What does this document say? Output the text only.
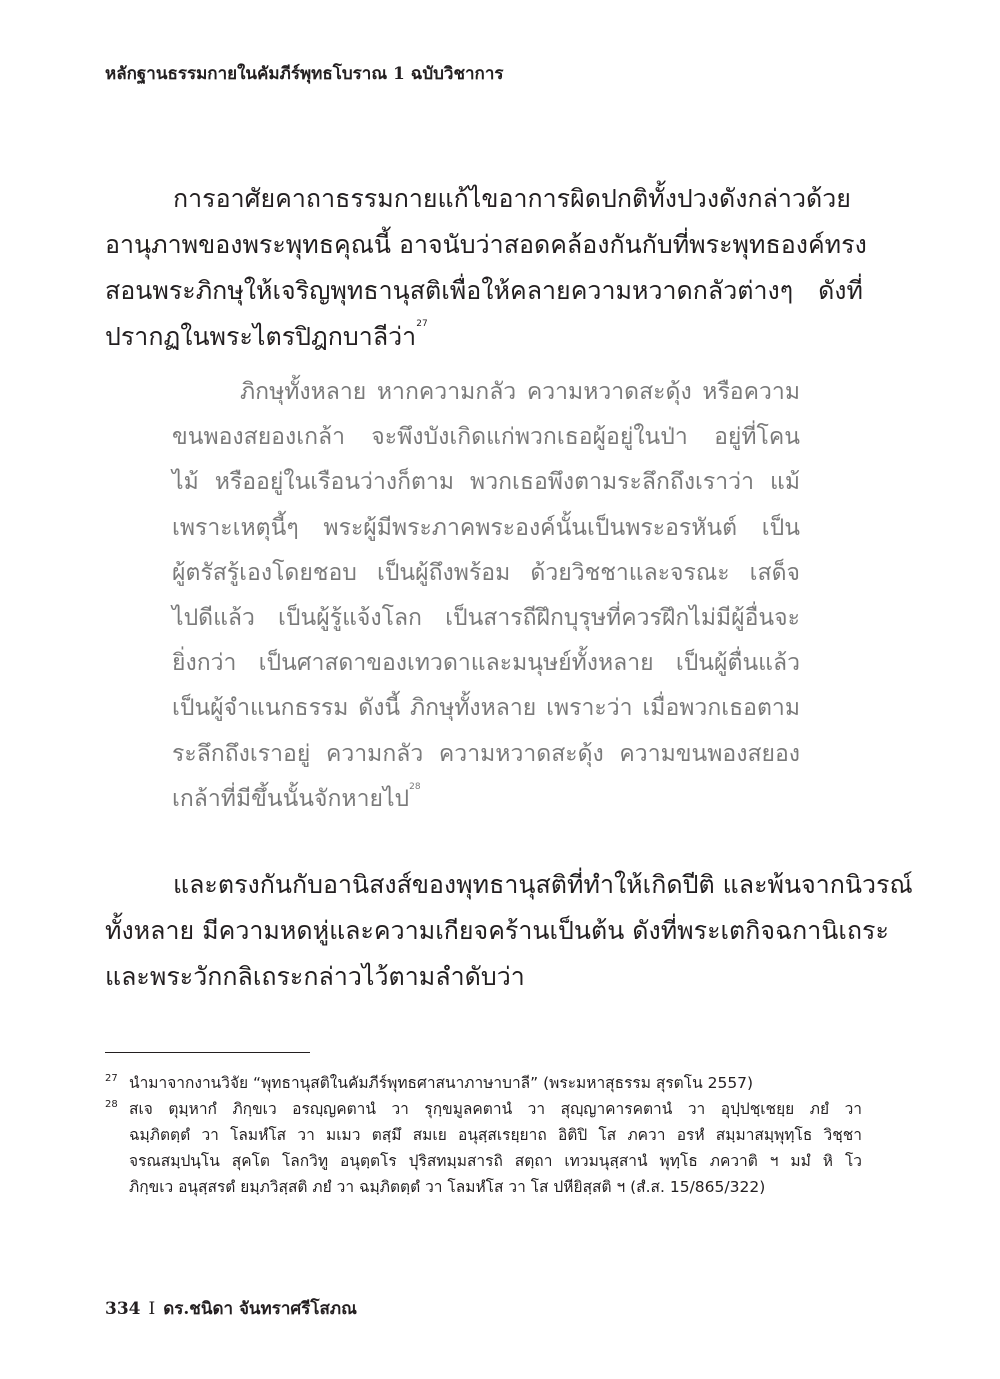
หลักฐานธรรมกายในคัมภีร์พุทธโบราณ 1 ฉบับวิชาการ
การอาศัยคาถาธรรมกายแก้ไขอาการผิดปกติทั้งปวงดังกล่าวด้วย
อานุภาพของพระพุทธคุณนี้ อาจนับว่าสอดคล้องกันกับที่พระพุทธองค์ทรง
สอนพระภิกษุให้เจริญพุทธานุสติเพื่อให้คลายความหวาดกลัวต่างๆ ดังที่
ปรากฏในพระไตรปิฎกบาลีว่า$^{27}$
ภิกษุทั้งหลาย หากความกลัว ความหวาดสะดุ้ง หรือความ
ขนพองสยองเกล้า จะพึงบังเกิดแก่พวกเธอผู้อยู่ในป่า อยู่ที่โคน
ไม้ หรืออยู่ในเรือนว่างก็ตาม พวกเธอพึงตามระลึกถึงเราว่า แม้
เพราะเหตุนี้ๆ พระผู้มีพระภาคพระองค์นั้นเป็นพระอรหันต์ เป็น
ผู้ตรัสรู้เองโดยชอบ เป็นผู้ถึงพร้อม ด้วยวิชชาและจรณะ เสด็จ
ไปดีแล้ว เป็นผู้รู้แจ้งโลก เป็นสารถีฝึกบุรุษที่ควรฝึกไม่มีผู้อื่นจะ
ยิ่งกว่า เป็นศาสดาของเทวดาและมนุษย์ทั้งหลาย เป็นผู้ตื่นแล้ว
เป็นผู้จำแนกธรรม ดังนี้ ภิกษุทั้งหลาย เพราะว่า เมื่อพวกเธอตาม
ระลึกถึงเราอยู่ ความกลัว ความหวาดสะดุ้ง ความขนพองสยอง
เกล้าที่มีขึ้นนั้นจักหายไป$^{28}$
และตรงกันกับอานิสงส์ของพุทธานุสติที่ทำให้เกิดปีติ และพ้นจากนิวรณ์
ทั้งหลาย มีความหดหู่และความเกียจคร้านเป็นต้น ดังที่พระเตกิจฉกานิเถระ
และพระวักกลิเถระกล่าวไว้ตามลำดับว่า
27 นำมาจากงานวิจัย “พุทธานุสติในคัมภีร์พุทธศาสนาภาษาบาลี” (พระมหาสุธรรม สุรตโน 2557)
28 สเจ ตุมฺหากํ ภิกฺขเว อรญฺญคตานํ วา รุกฺขมูลคตานํ วา สุญฺญาคารคตานํ วา อุปฺปชฺเชยฺย ภยํ วา
ฉมฺภิตตฺตํ วา โลมหํโส วา มเมว ตสฺมึ สมเย อนุสฺสเรยฺยาถ อิติปิ โส ภควา อรหํ สมฺมาสมฺพุทฺโธ วิชฺชา
จรณสมฺปนฺโน สุคโต โลกวิทู อนุตฺตโร ปุริสทมฺมสารถิ สตฺถา เทวมนุสฺสานํ พุทฺโธ ภควาติ ฯ มมํ หิ โว
ภิกฺขเว อนุสฺสรตํ ยมฺภวิสฺสติ ภยํ วา ฉมฺภิตตฺตํ วา โลมหํโส วา โส ปหียิสฺสติ ฯ (สํ.ส. 15/865/322)
334 I ดร.ชนิดา จันทราศรีโสภณ
